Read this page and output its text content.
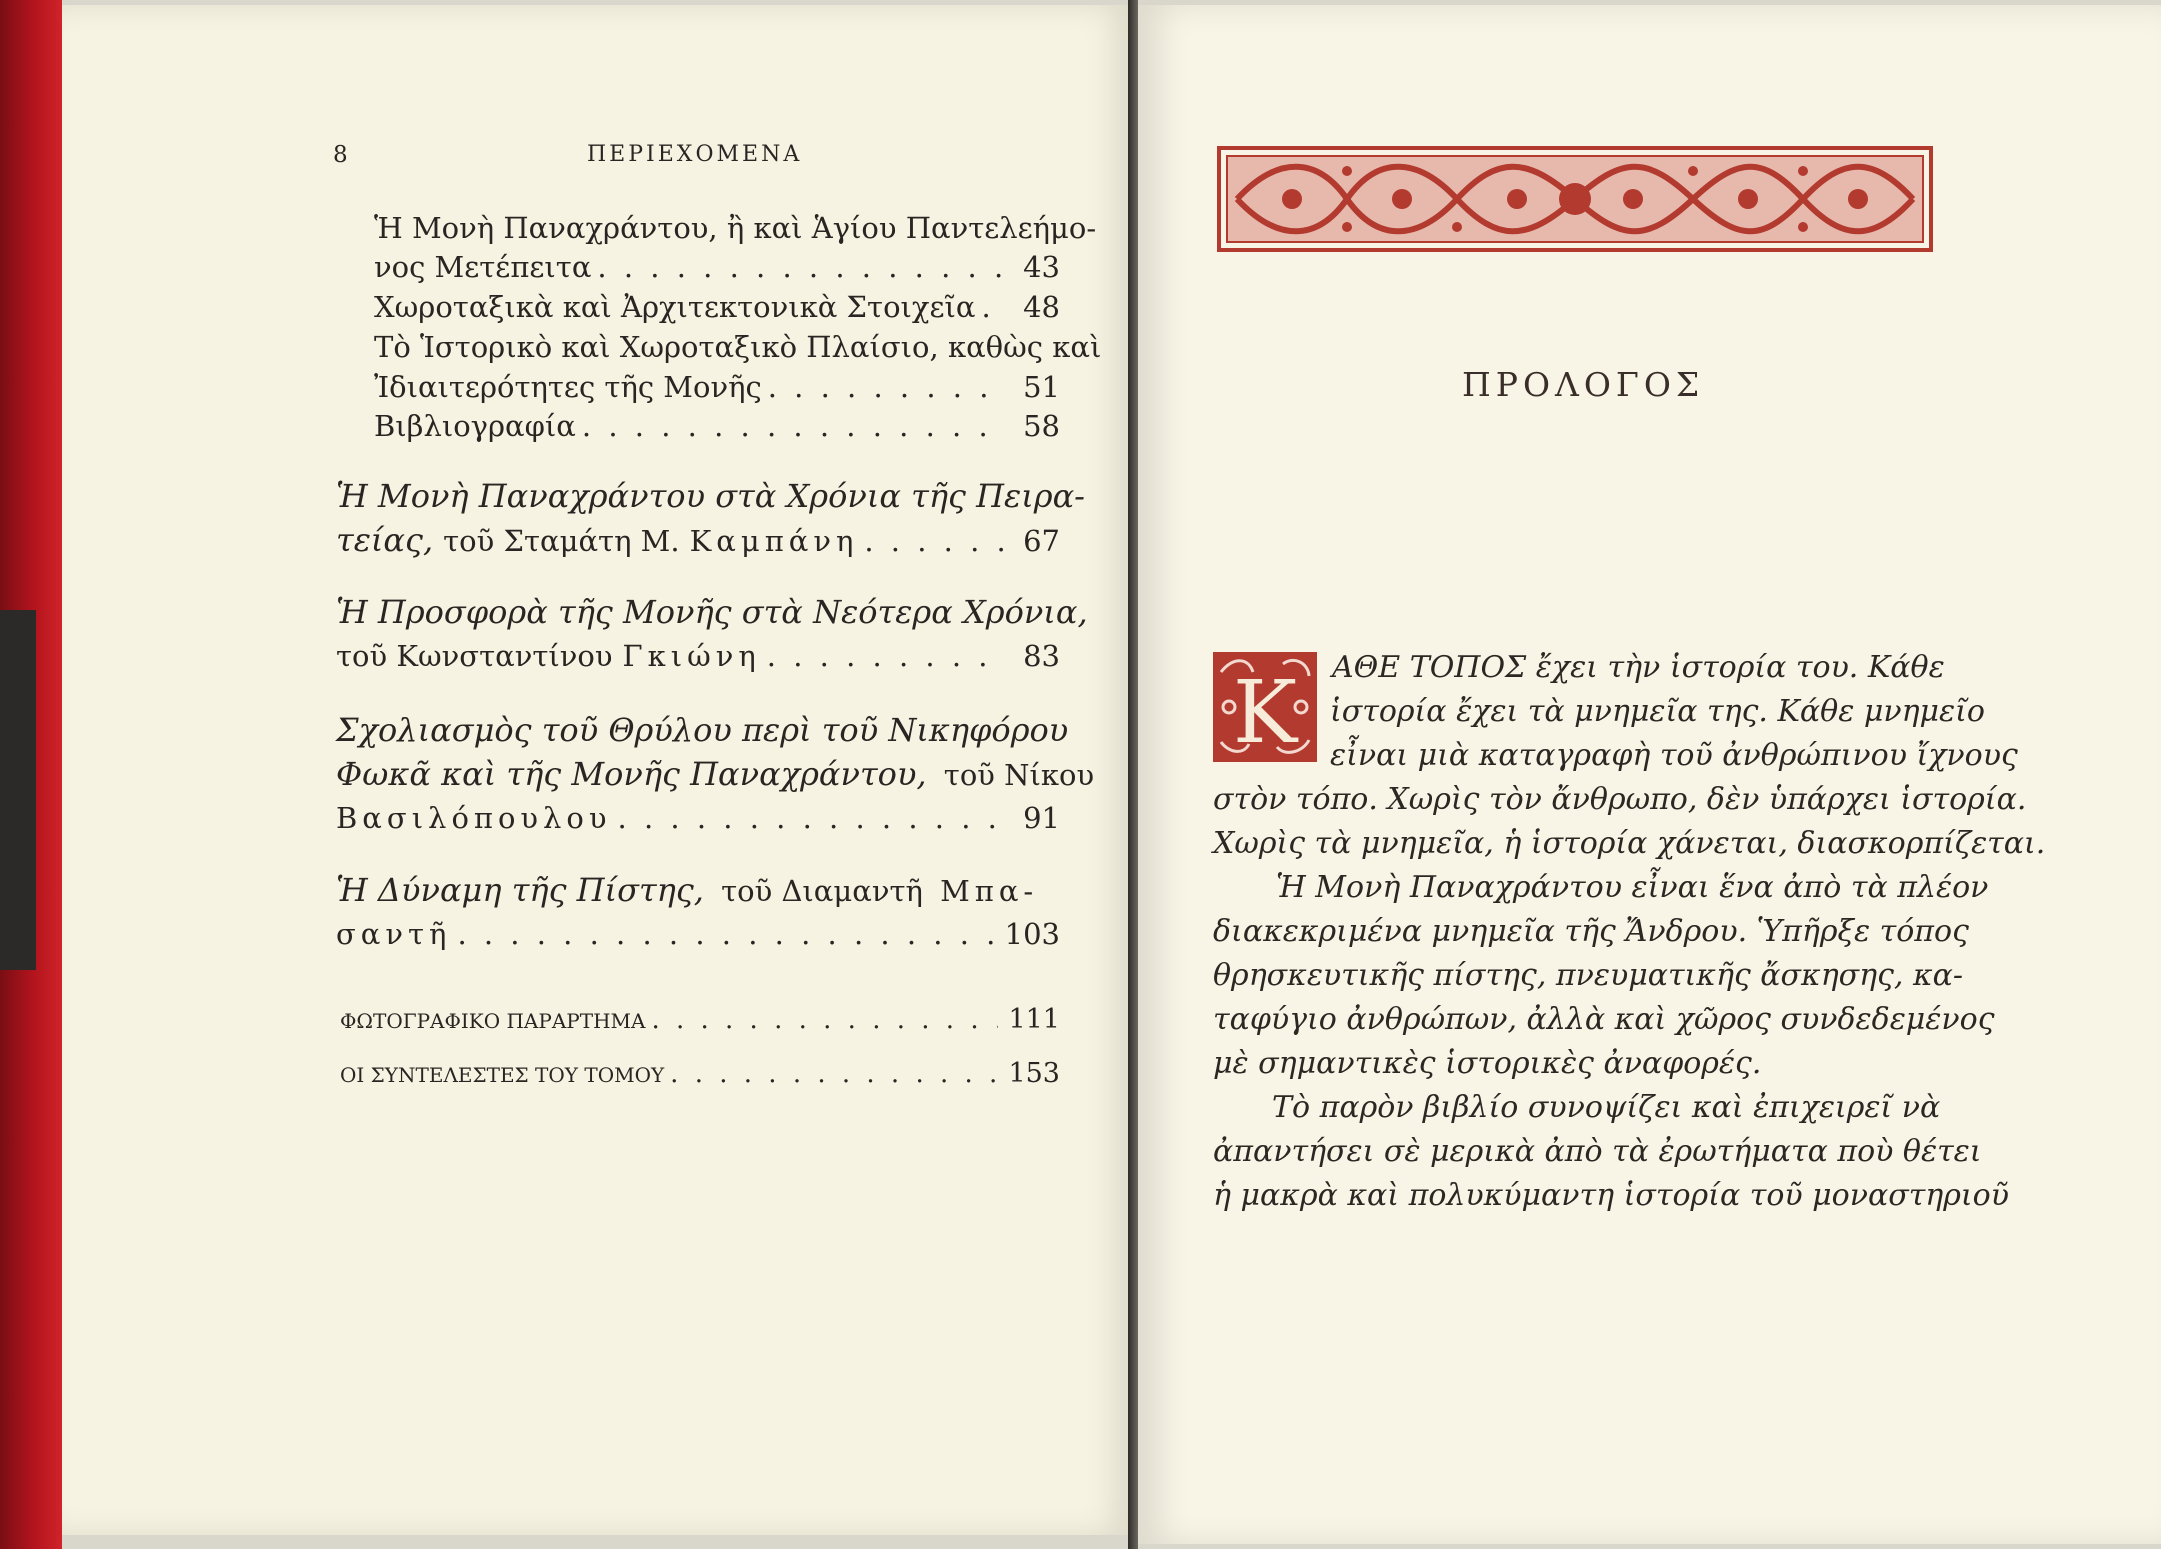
8	ΠΕΡΙΕΧΟΜΕΝΑ
Ἡ Μονὴ Παναχράντου, ἢ καὶ Ἁγίου Παντελεήμο-
νος Μετέπειτα . . .	43
Χωροταξικὰ καὶ Ἀρχιτεκτονικὰ Στοιχεῖα . . . 48
Τὸ Ἱστορικὸ καὶ Χωροταξικὸ Πλαίσιο, καθὼς καὶ
Ἰδιαιτερότητες τῆς Μονῆς . . .	51
Βιβλιογραφία . . .	58
Ἡ Μονὴ Παναχράντου στὰ Χρόνια τῆς Πειρα-
τείας, τοῦ Σταμάτη Μ. Καμπάνη . . .	67
Ἡ Προσφορὰ τῆς Μονῆς στὰ Νεότερα Χρόνια,
τοῦ Κωνσταντίνου Γκιώνη . . .	83
Σχολιασμὸς τοῦ Θρύλου περὶ τοῦ Νικηφόρου
Φωκᾶ καὶ τῆς Μονῆς Παναχράντου, τοῦ Νίκου
Βασιλόπουλου . . .	91
Ἡ Δύναμη τῆς Πίστης, τοῦ Διαμαντῆ Μπα-
σαντῆ . . .	103
ΦΩΤΟΓΡΑΦΙΚΟ ΠΑΡΑΡΤΗΜΑ . . .	111
ΟΙ ΣΥΝΤΕΛΕΣΤΕΣ ΤΟΥ ΤΟΜΟΥ . . .	153
ΠΡΟΛΟΓΟΣ
Κ ΑΘΕ ΤΟΠΟΣ ἔχει τὴν ἱστορία του. Κάθε
ἱστορία ἔχει τὰ μνημεῖα της. Κάθε μνημεῖο
εἶναι μιὰ καταγραφὴ τοῦ ἀνθρώπινου ἴχνους
στὸν τόπο. Χωρὶς τὸν ἄνθρωπο, δὲν ὑπάρχει ἱστορία.
Χωρὶς τὰ μνημεῖα, ἡ ἱστορία χάνεται, διασκορπίζεται.
Ἡ Μονὴ Παναχράντου εἶναι ἕνα ἀπὸ τὰ πλέον
διακεκριμένα μνημεῖα τῆς Ἄνδρου. Ὑπῆρξε τόπος
θρησκευτικῆς πίστης, πνευματικῆς ἄσκησης, κα-
ταφύγιο ἀνθρώπων, ἀλλὰ καὶ χῶρος συνδεδεμένος
μὲ σημαντικὲς ἱστορικὲς ἀναφορές.
Τὸ παρὸν βιβλίο συνοψίζει καὶ ἐπιχειρεῖ νὰ
ἀπαντήσει σὲ μερικὰ ἀπὸ τὰ ἐρωτήματα ποὺ θέτει
ἡ μακρὰ καὶ πολυκύμαντη ἱστορία τοῦ μοναστηριοῦ
